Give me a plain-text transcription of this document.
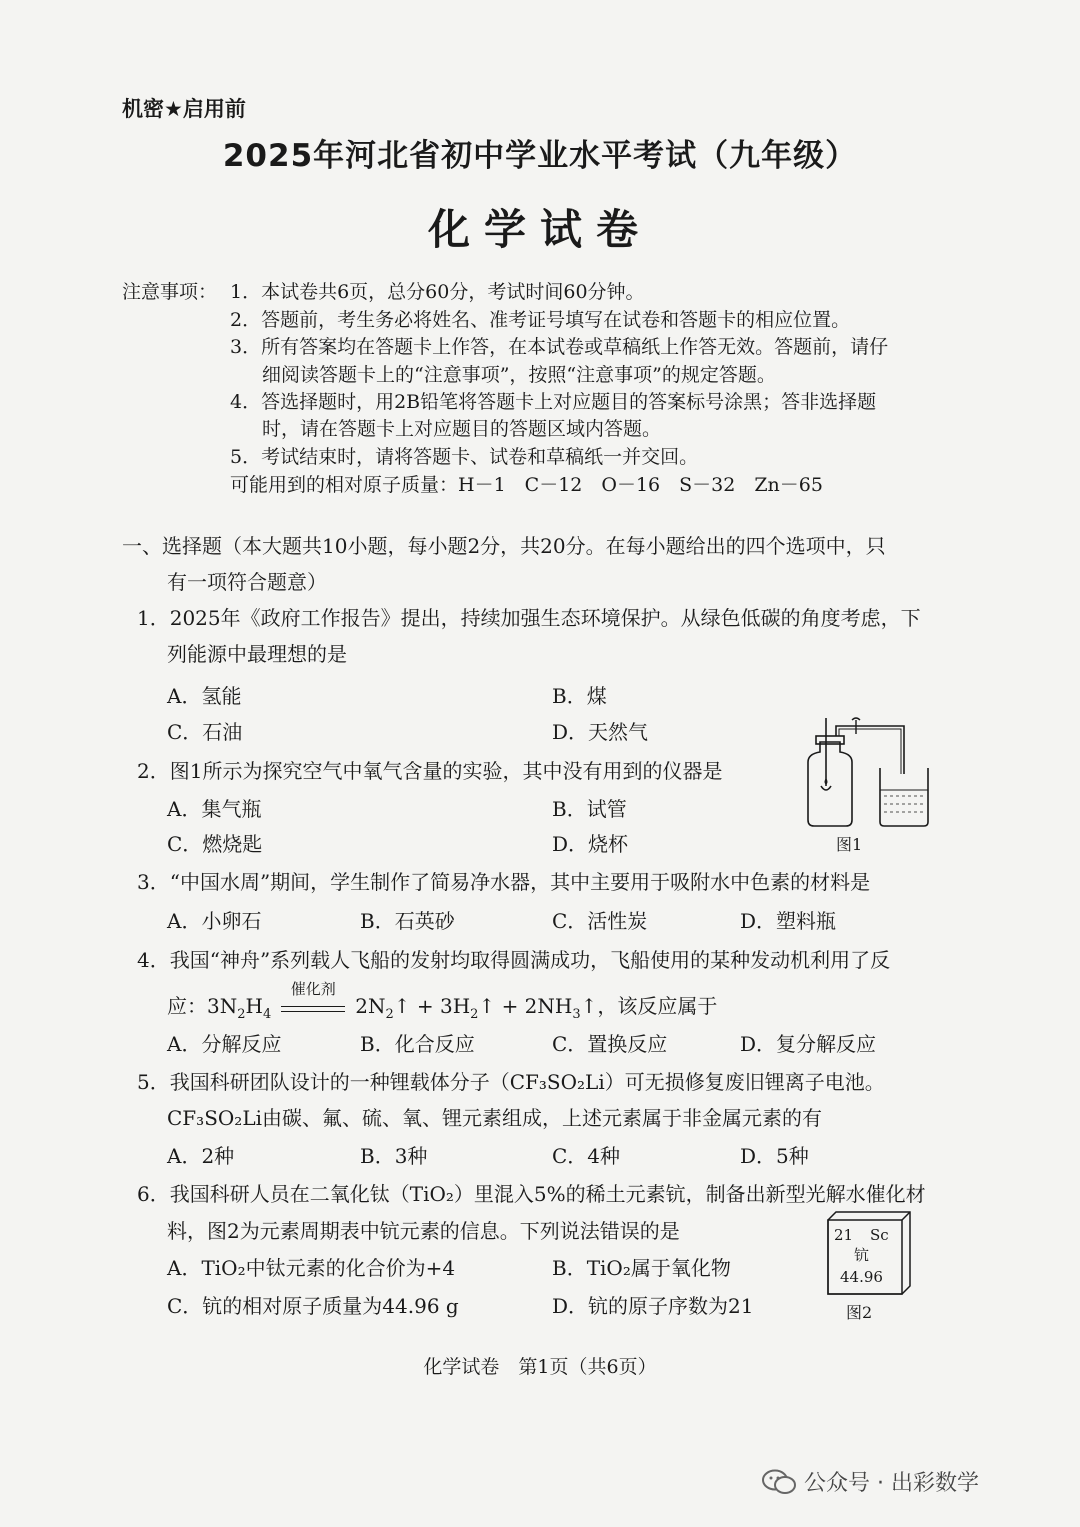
机密★启用前
2025年河北省初中学业水平考试（九年级）
化学试卷
注意事项： 1．本试卷共6页，总分60分，考试时间60分钟。
2．答题前，考生务必将姓名、准考证号填写在试卷和答题卡的相应位置。
3．所有答案均在答题卡上作答，在本试卷或草稿纸上作答无效。答题前，请仔
细阅读答题卡上的“注意事项”，按照“注意事项”的规定答题。
4．答选择题时，用2B铅笔将答题卡上对应题目的答案标号涂黑；答非选择题
时，请在答题卡上对应题目的答题区域内答题。
5．考试结束时，请将答题卡、试卷和草稿纸一并交回。
可能用到的相对原子质量：H－1　C－12　O－16　S－32　Zn－65
一、选择题（本大题共10小题，每小题2分，共20分。在每小题给出的四个选项中，只
有一项符合题意）
1．2025年《政府工作报告》提出，持续加强生态环境保护。从绿色低碳的角度考虑，下
列能源中最理想的是
A．氢能	B．煤
C．石油	D．天然气
2．图1所示为探究空气中氧气含量的实验，其中没有用到的仪器是
A．集气瓶	B．试管
C．燃烧匙	D．烧杯	图1
3．“中国水周”期间，学生制作了简易净水器，其中主要用于吸附水中色素的材料是
A．小卵石	B．石英砂	C．活性炭	D．塑料瓶
4．我国“神舟”系列载人飞船的发射均取得圆满成功，飞船使用的某种发动机利用了反
应：$3N_2H_4$
催化剂
$2N_2↑$ + $3H_2↑$ + $2NH_3↑$，该反应属于
A．分解反应	B．化合反应	C．置换反应	D．复分解反应
5．我国科研团队设计的一种锂载体分子（CF₃SO₂Li）可无损修复废旧锂离子电池。
CF₃SO₂Li由碳、氟、硫、氧、锂元素组成，上述元素属于非金属元素的有
A．2种	B．3种	C．4种	D．5种
6．我国科研人员在二氧化钛（TiO₂）里混入5%的稀土元素钪，制备出新型光解水催化材
料，图2为元素周期表中钪元素的信息。下列说法错误的是
A．TiO₂中钛元素的化合价为+4	B．TiO₂属于氧化物
C．钪的相对原子质量为44.96 g	D．钪的原子序数为21
21 Sc
钪
44.96
图2
化学试卷　第1页（共6页）
公众号 · 出彩数学
